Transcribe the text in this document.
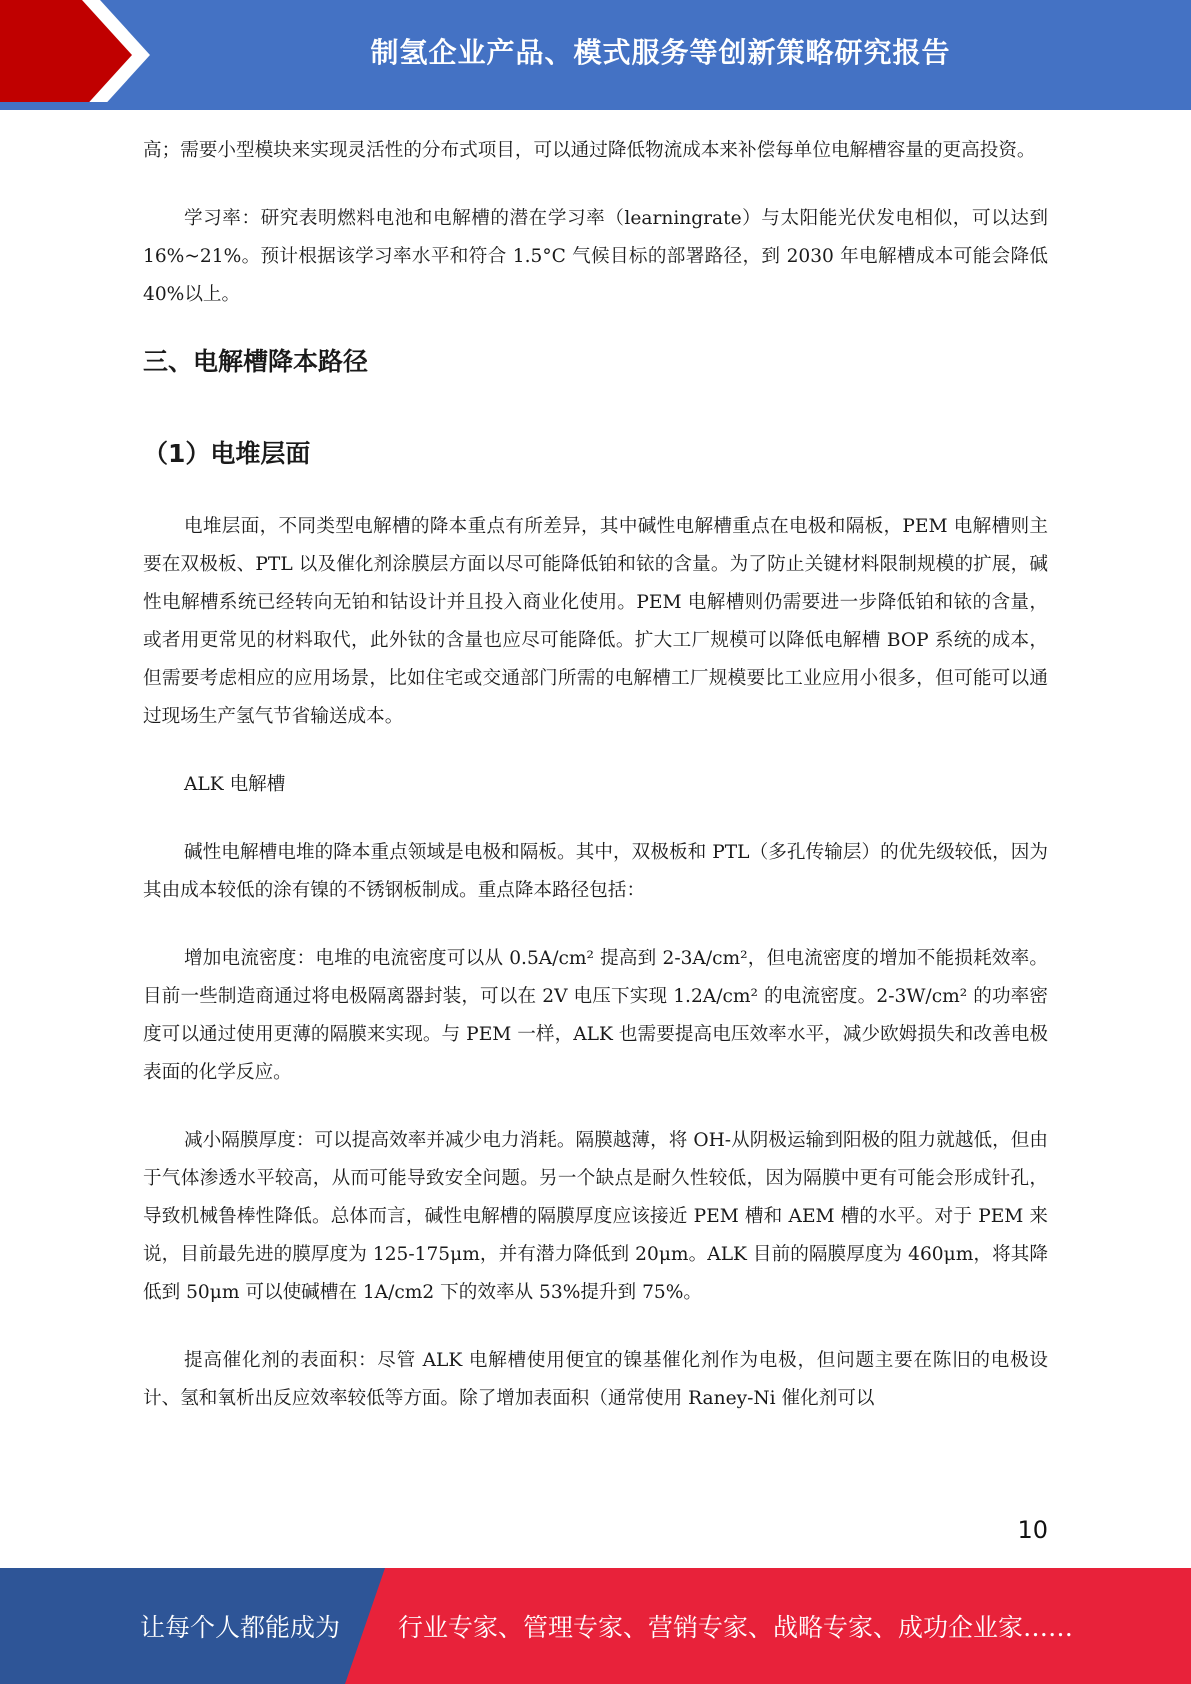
制氢企业产品、模式服务等创新策略研究报告

高；需要小型模块来实现灵活性的分布式项目，可以通过降低物流成本来补偿每单位电解槽容量的更高投资。

学习率：研究表明燃料电池和电解槽的潜在学习率（learningrate）与太阳能光伏发电相似，可以达到 16%~21%。预计根据该学习率水平和符合 1.5°C 气候目标的部署路径，到 2030 年电解槽成本可能会降低 40%以上。

三、电解槽降本路径
（1）电堆层面

电堆层面，不同类型电解槽的降本重点有所差异，其中碱性电解槽重点在电极和隔板，PEM 电解槽则主要在双极板、PTL 以及催化剂涂膜层方面以尽可能降低铂和铱的含量。为了防止关键材料限制规模的扩展，碱性电解槽系统已经转向无铂和钴设计并且投入商业化使用。PEM 电解槽则仍需要进一步降低铂和铱的含量，或者用更常见的材料取代，此外钛的含量也应尽可能降低。扩大工厂规模可以降低电解槽 BOP 系统的成本，但需要考虑相应的应用场景，比如住宅或交通部门所需的电解槽工厂规模要比工业应用小很多，但可能可以通过现场生产氢气节省输送成本。

ALK 电解槽

碱性电解槽电堆的降本重点领域是电极和隔板。其中，双极板和 PTL（多孔传输层）的优先级较低，因为其由成本较低的涂有镍的不锈钢板制成。重点降本路径包括：

增加电流密度：电堆的电流密度可以从 0.5A/cm² 提高到 2-3A/cm²，但电流密度的增加不能损耗效率。目前一些制造商通过将电极隔离器封装，可以在 2V 电压下实现 1.2A/cm² 的电流密度。2-3W/cm² 的功率密度可以通过使用更薄的隔膜来实现。与 PEM 一样，ALK 也需要提高电压效率水平，减少欧姆损失和改善电极表面的化学反应。

减小隔膜厚度：可以提高效率并减少电力消耗。隔膜越薄，将 OH-从阴极运输到阳极的阻力就越低，但由于气体渗透水平较高，从而可能导致安全问题。另一个缺点是耐久性较低，因为隔膜中更有可能会形成针孔，导致机械鲁棒性降低。总体而言，碱性电解槽的隔膜厚度应该接近 PEM 槽和 AEM 槽的水平。对于 PEM 来说，目前最先进的膜厚度为 125-175μm，并有潜力降低到 20μm。ALK 目前的隔膜厚度为 460μm，将其降低到 50μm 可以使碱槽在 1A/cm2 下的效率从 53%提升到 75%。

提高催化剂的表面积：尽管 ALK 电解槽使用便宜的镍基催化剂作为电极，但问题主要在陈旧的电极设计、氢和氧析出反应效率较低等方面。除了增加表面积（通常使用 Raney-Ni 催化剂可以

10
让每个人都能成为 行业专家、管理专家、营销专家、战略专家、成功企业家……
